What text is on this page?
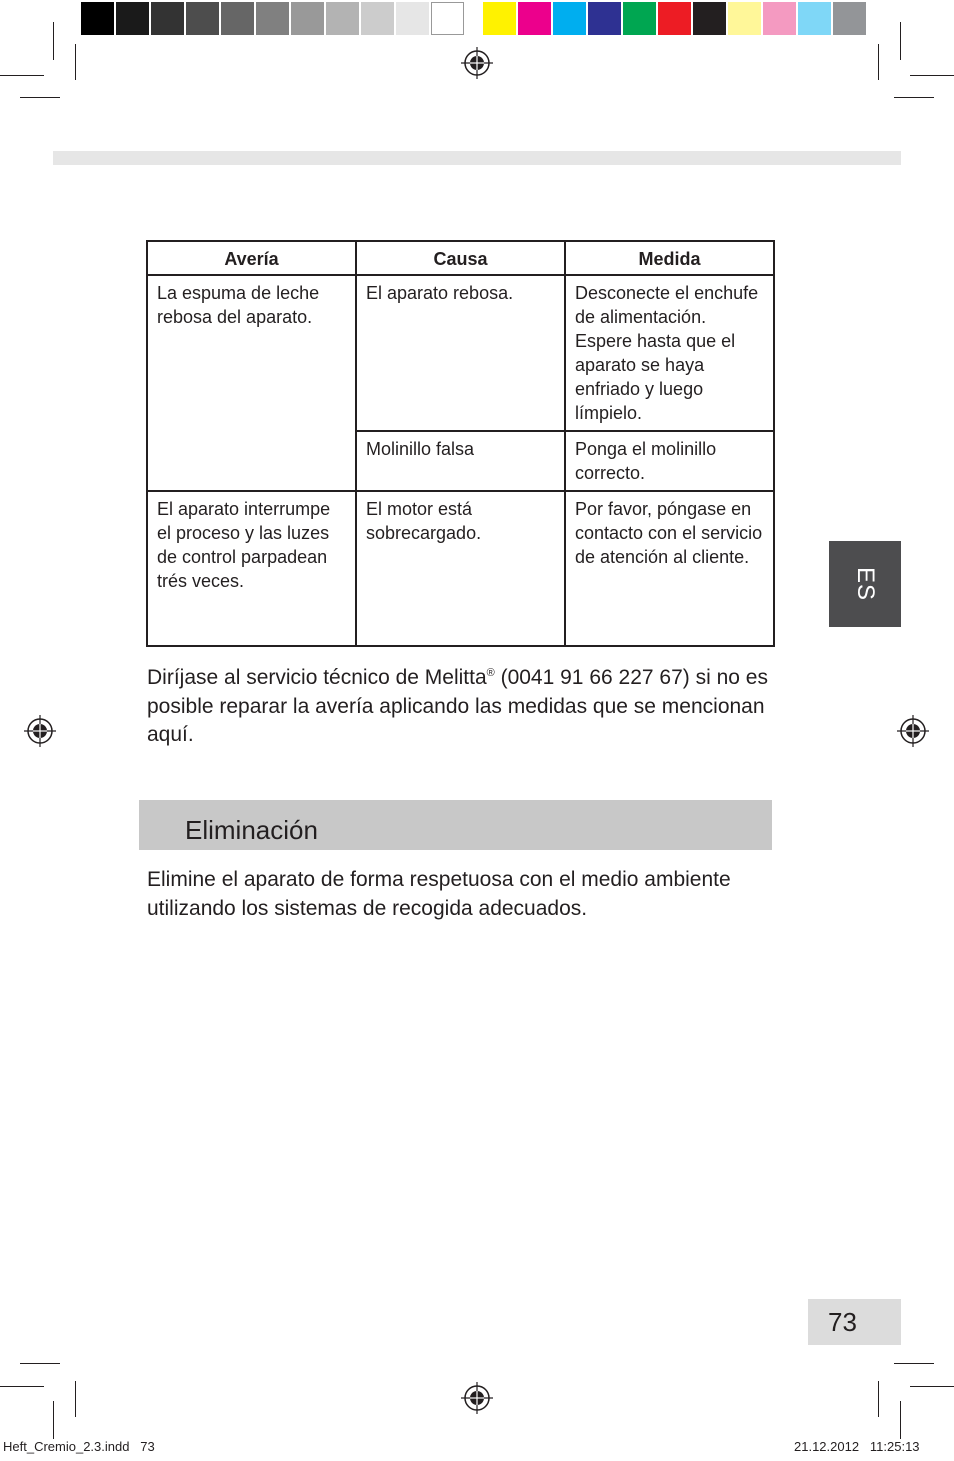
Avería	Causa	Medida
La espuma de leche rebosa del aparato.	El aparato rebosa.	Desconecte el enchufe de alimentación. Espere hasta que el aparato se haya enfriado y luego límpielo.
	Molinillo falsa	Ponga el molinillo correcto.
El aparato interrumpe el proceso y las luzes de control parpadean trés veces.	El motor está sobrecargado.	Por favor, póngase en contacto con el servicio de atención al cliente.

Diríjase al servicio técnico de Melitta® (0041 91 66 227 67) si no es posible reparar la avería aplicando las medidas que se mencionan aquí.

Eliminación

Elimine el aparato de forma respetuosa con el medio ambiente utilizando los sistemas de recogida adecuados.

ES
73
Heft_Cremio_2.3.indd   73	21.12.2012   11:25:13
